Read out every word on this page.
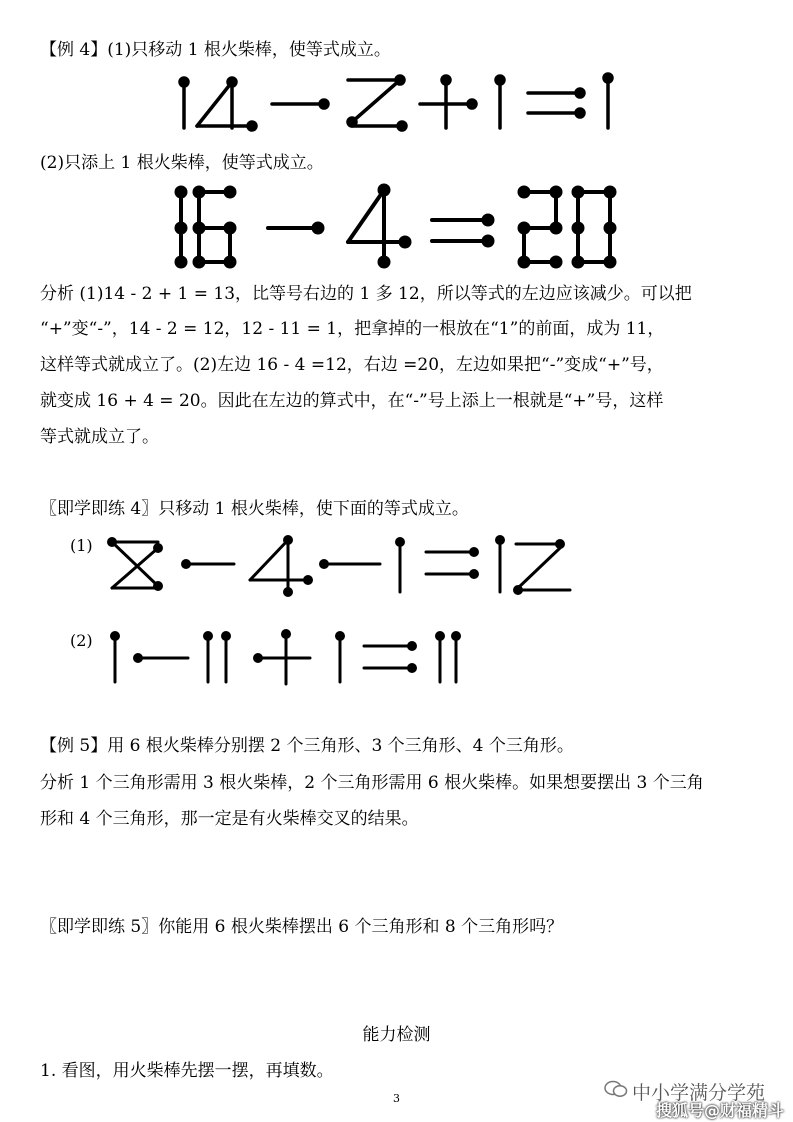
【例 4】(1)只移动 1 根火柴棒，使等式成立。
(2)只添上 1 根火柴棒，使等式成立。
分析 (1)14 - 2 + 1 = 13，比等号右边的 1 多 12，所以等式的左边应该减少。可以把
“+”变“-”，14 - 2 = 12，12 - 11 = 1，把拿掉的一根放在“1”的前面，成为 11，
这样等式就成立了。(2)左边 16 - 4 =12，右边 =20，左边如果把“-”变成“+”号，
就变成 16 + 4 = 20。因此在左边的算式中，在“-”号上添上一根就是“+”号，这样
等式就成立了。
〖即学即练 4〗只移动 1 根火柴棒，使下面的等式成立。
(1)
(2)
【例 5】用 6 根火柴棒分别摆 2 个三角形、3 个三角形、4 个三角形。
分析 1 个三角形需用 3 根火柴棒，2 个三角形需用 6 根火柴棒。如果想要摆出 3 个三角
形和 4 个三角形，那一定是有火柴棒交叉的结果。
〖即学即练 5〗你能用 6 根火柴棒摆出 6 个三角形和 8 个三角形吗？
能力检测
1. 看图，用火柴棒先摆一摆，再填数。
3	中小学满分学苑
搜狐号@财福精斗
